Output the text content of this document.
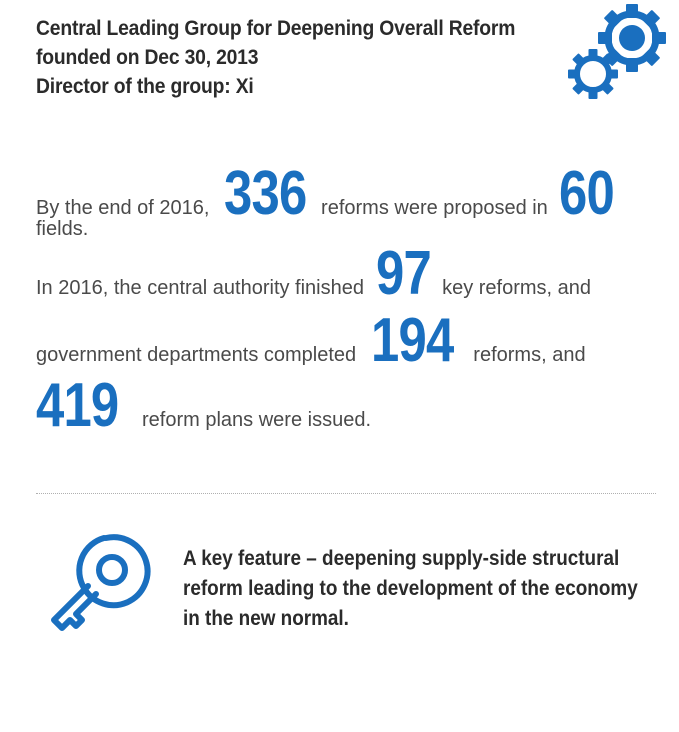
Central Leading Group for Deepening Overall Reform
founded on Dec 30, 2013
Director of the group: Xi
By the end of 2016, 336 reforms were proposed in 60
fields.
In 2016, the central authority finished 97 key reforms, and
government departments completed 194  reforms, and
419 reform plans were issued.
A key feature – deepening supply-side structural reform leading to the development of the economy in the new normal.
